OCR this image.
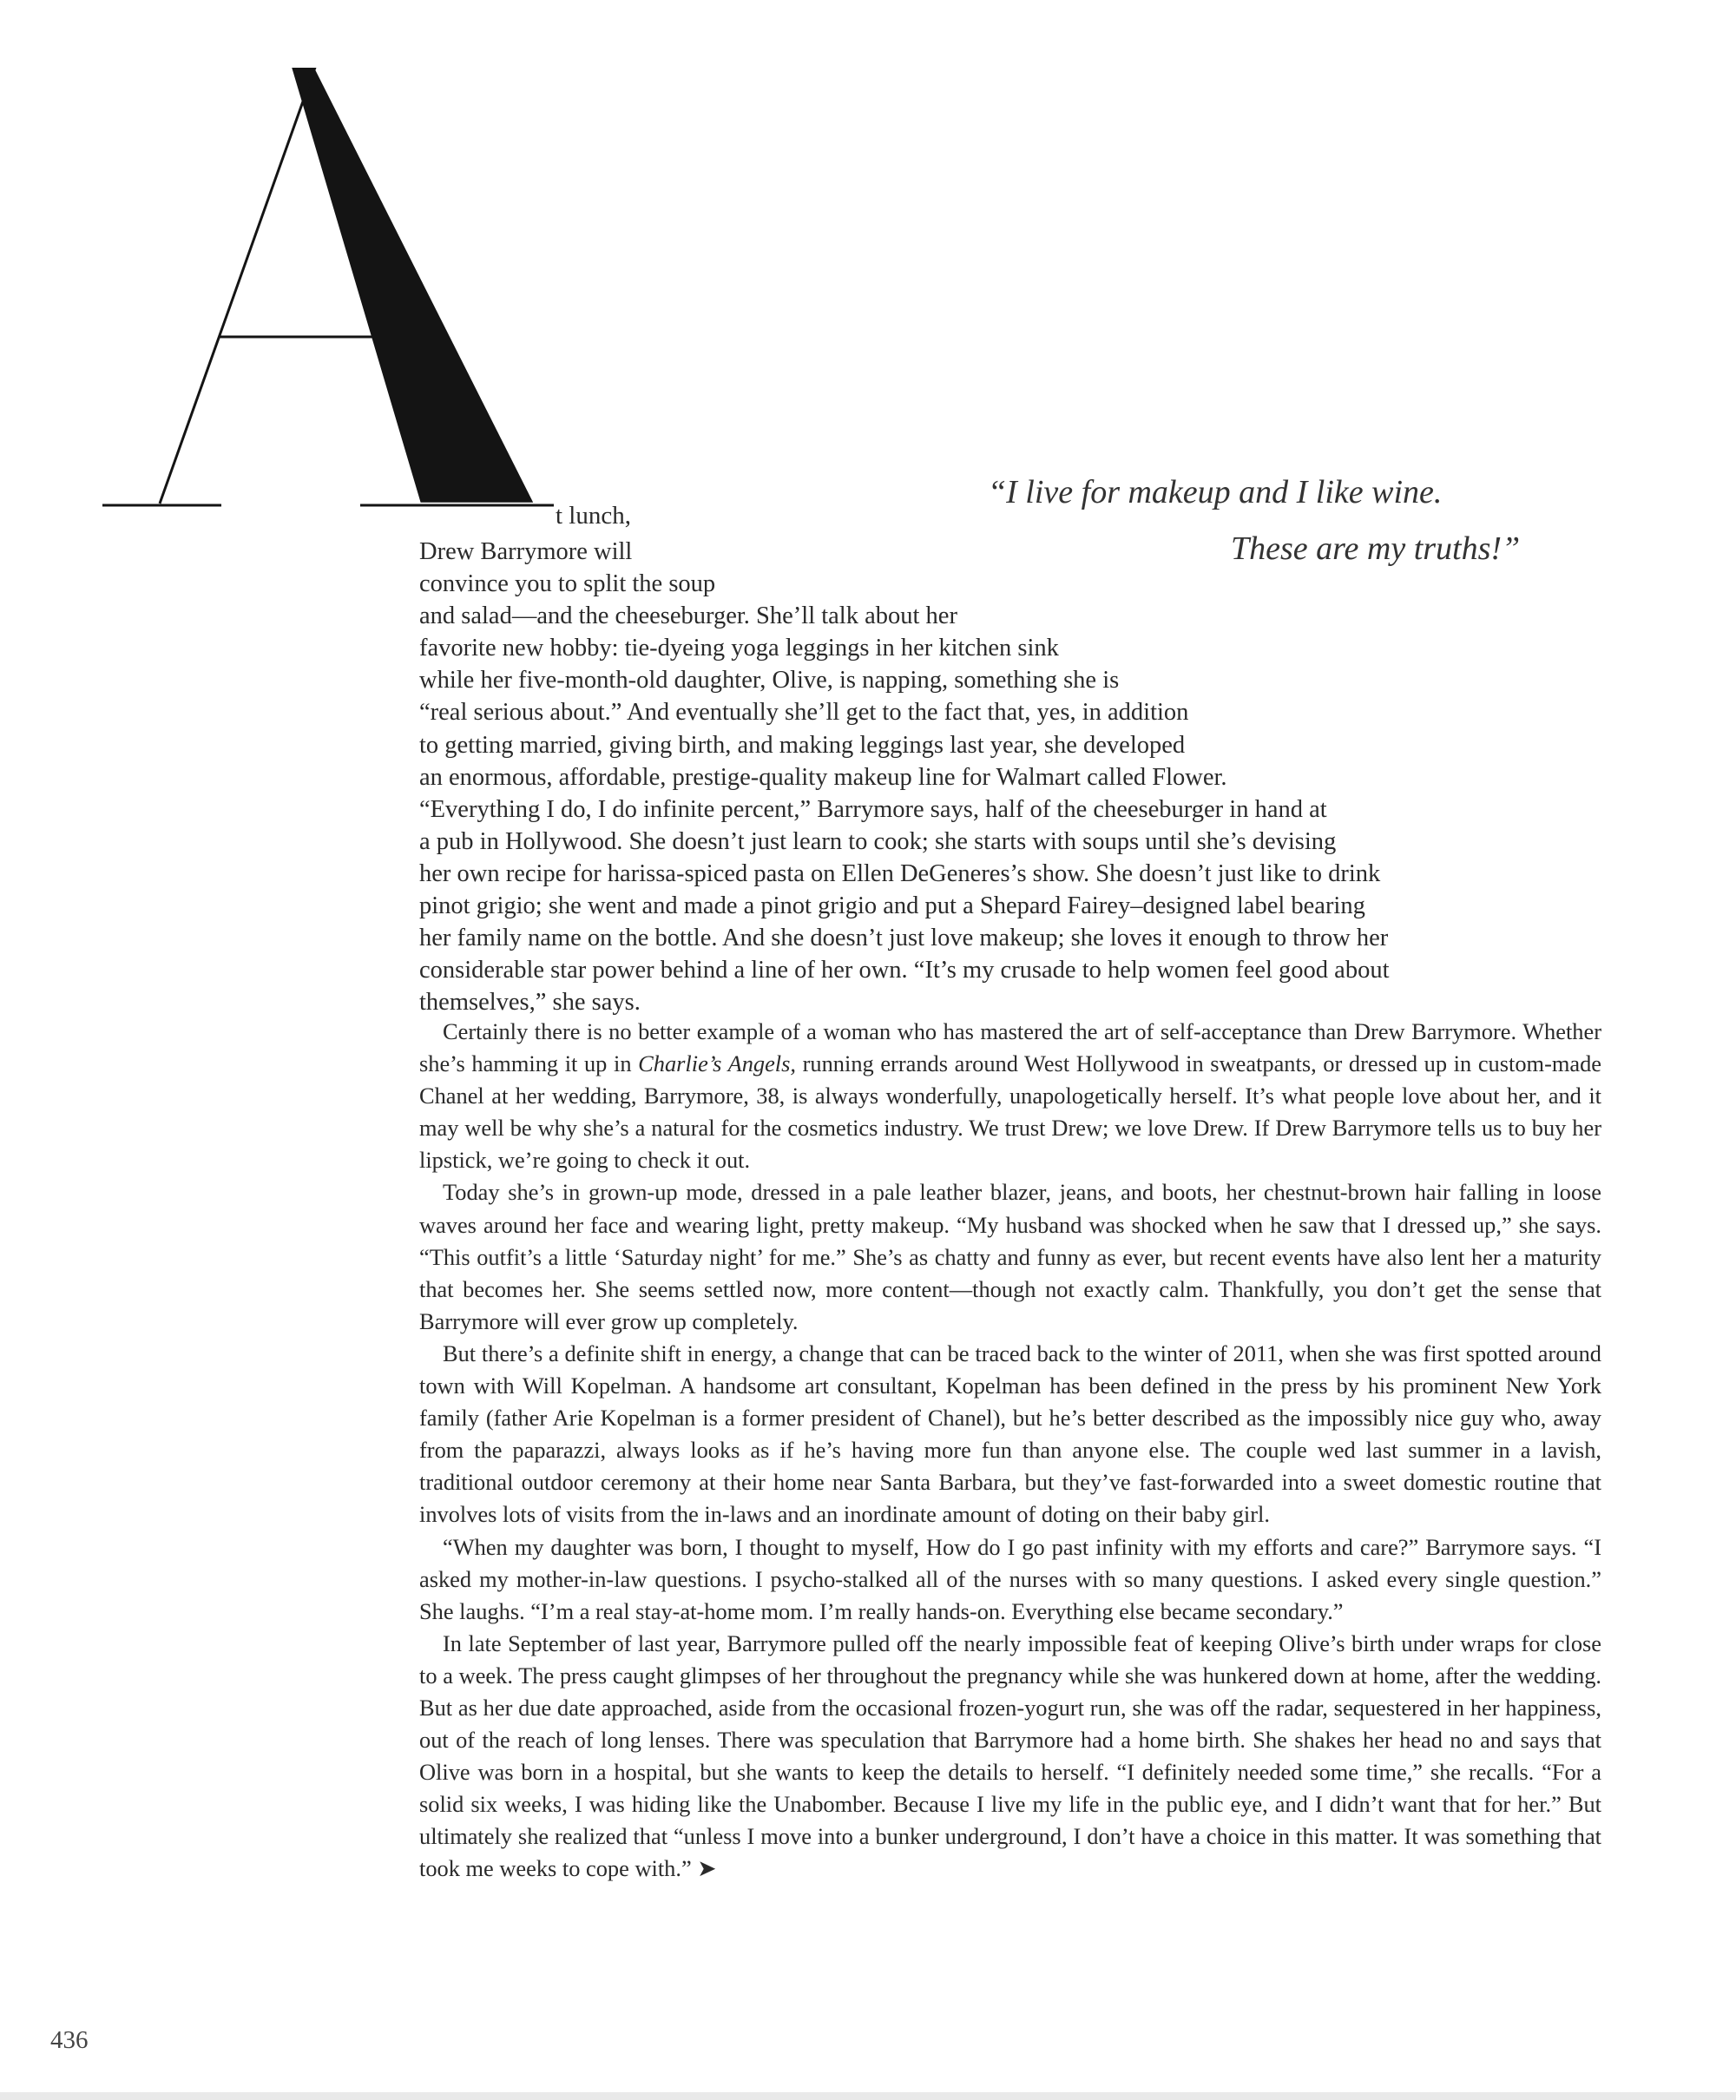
“I live for makeup and I like wine.
These are my truths!”
t lunch,
Drew Barrymore will
convince you to split the soup
and salad—and the cheeseburger. She’ll talk about her
favorite new hobby: tie-dyeing yoga leggings in her kitchen sink
while her five-month-old daughter, Olive, is napping, something she is
“real serious about.” And eventually she’ll get to the fact that, yes, in addition
to getting married, giving birth, and making leggings last year, she developed
an enormous, affordable, prestige-quality makeup line for Walmart called Flower.
“Everything I do, I do infinite percent,” Barrymore says, half of the cheeseburger in hand at
a pub in Hollywood. She doesn’t just learn to cook; she starts with soups until she’s devising
her own recipe for harissa-spiced pasta on Ellen DeGeneres’s show. She doesn’t just like to drink
pinot grigio; she went and made a pinot grigio and put a Shepard Fairey–designed label bearing
her family name on the bottle. And she doesn’t just love makeup; she loves it enough to throw her
considerable star power behind a line of her own. “It’s my crusade to help women feel good about
themselves,” she says.

Certainly there is no better example of a woman who has mastered the art of self-acceptance than Drew Barrymore. Whether she’s hamming it up in Charlie’s Angels, running errands around West Hollywood in sweatpants, or dressed up in custom-made Chanel at her wedding, Barrymore, 38, is always wonderfully, unapologetically herself. It’s what people love about her, and it may well be why she’s a natural for the cosmetics industry. We trust Drew; we love Drew. If Drew Barrymore tells us to buy her lipstick, we’re going to check it out.

Today she’s in grown-up mode, dressed in a pale leather blazer, jeans, and boots, her chestnut-brown hair falling in loose waves around her face and wearing light, pretty makeup. “My husband was shocked when he saw that I dressed up,” she says. “This outfit’s a little ‘Saturday night’ for me.” She’s as chatty and funny as ever, but recent events have also lent her a maturity that becomes her. She seems settled now, more content—though not exactly calm. Thankfully, you don’t get the sense that Barrymore will ever grow up completely.

But there’s a definite shift in energy, a change that can be traced back to the winter of 2011, when she was first spotted around town with Will Kopelman. A handsome art consultant, Kopelman has been defined in the press by his prominent New York family (father Arie Kopelman is a former president of Chanel), but he’s better described as the impossibly nice guy who, away from the paparazzi, always looks as if he’s having more fun than anyone else. The couple wed last summer in a lavish, traditional outdoor ceremony at their home near Santa Barbara, but they’ve fast-forwarded into a sweet domestic routine that involves lots of visits from the in-laws and an inordinate amount of doting on their baby girl.

“When my daughter was born, I thought to myself, How do I go past infinity with my efforts and care?” Barrymore says. “I asked my mother-in-law questions. I psycho-stalked all of the nurses with so many questions. I asked every single question.” She laughs. “I’m a real stay-at-home mom. I’m really hands-on. Everything else became secondary.”

In late September of last year, Barrymore pulled off the nearly impossible feat of keeping Olive’s birth under wraps for close to a week. The press caught glimpses of her throughout the pregnancy while she was hunkered down at home, after the wedding. But as her due date approached, aside from the occasional frozen-yogurt run, she was off the radar, sequestered in her happiness, out of the reach of long lenses. There was speculation that Barrymore had a home birth. She shakes her head no and says that Olive was born in a hospital, but she wants to keep the details to herself. “I definitely needed some time,” she recalls. “For a solid six weeks, I was hiding like the Unabomber. Because I live my life in the public eye, and I didn’t want that for her.” But ultimately she realized that “unless I move into a bunker underground, I don’t have a choice in this matter. It was something that took me weeks to cope with.” ➤

436
